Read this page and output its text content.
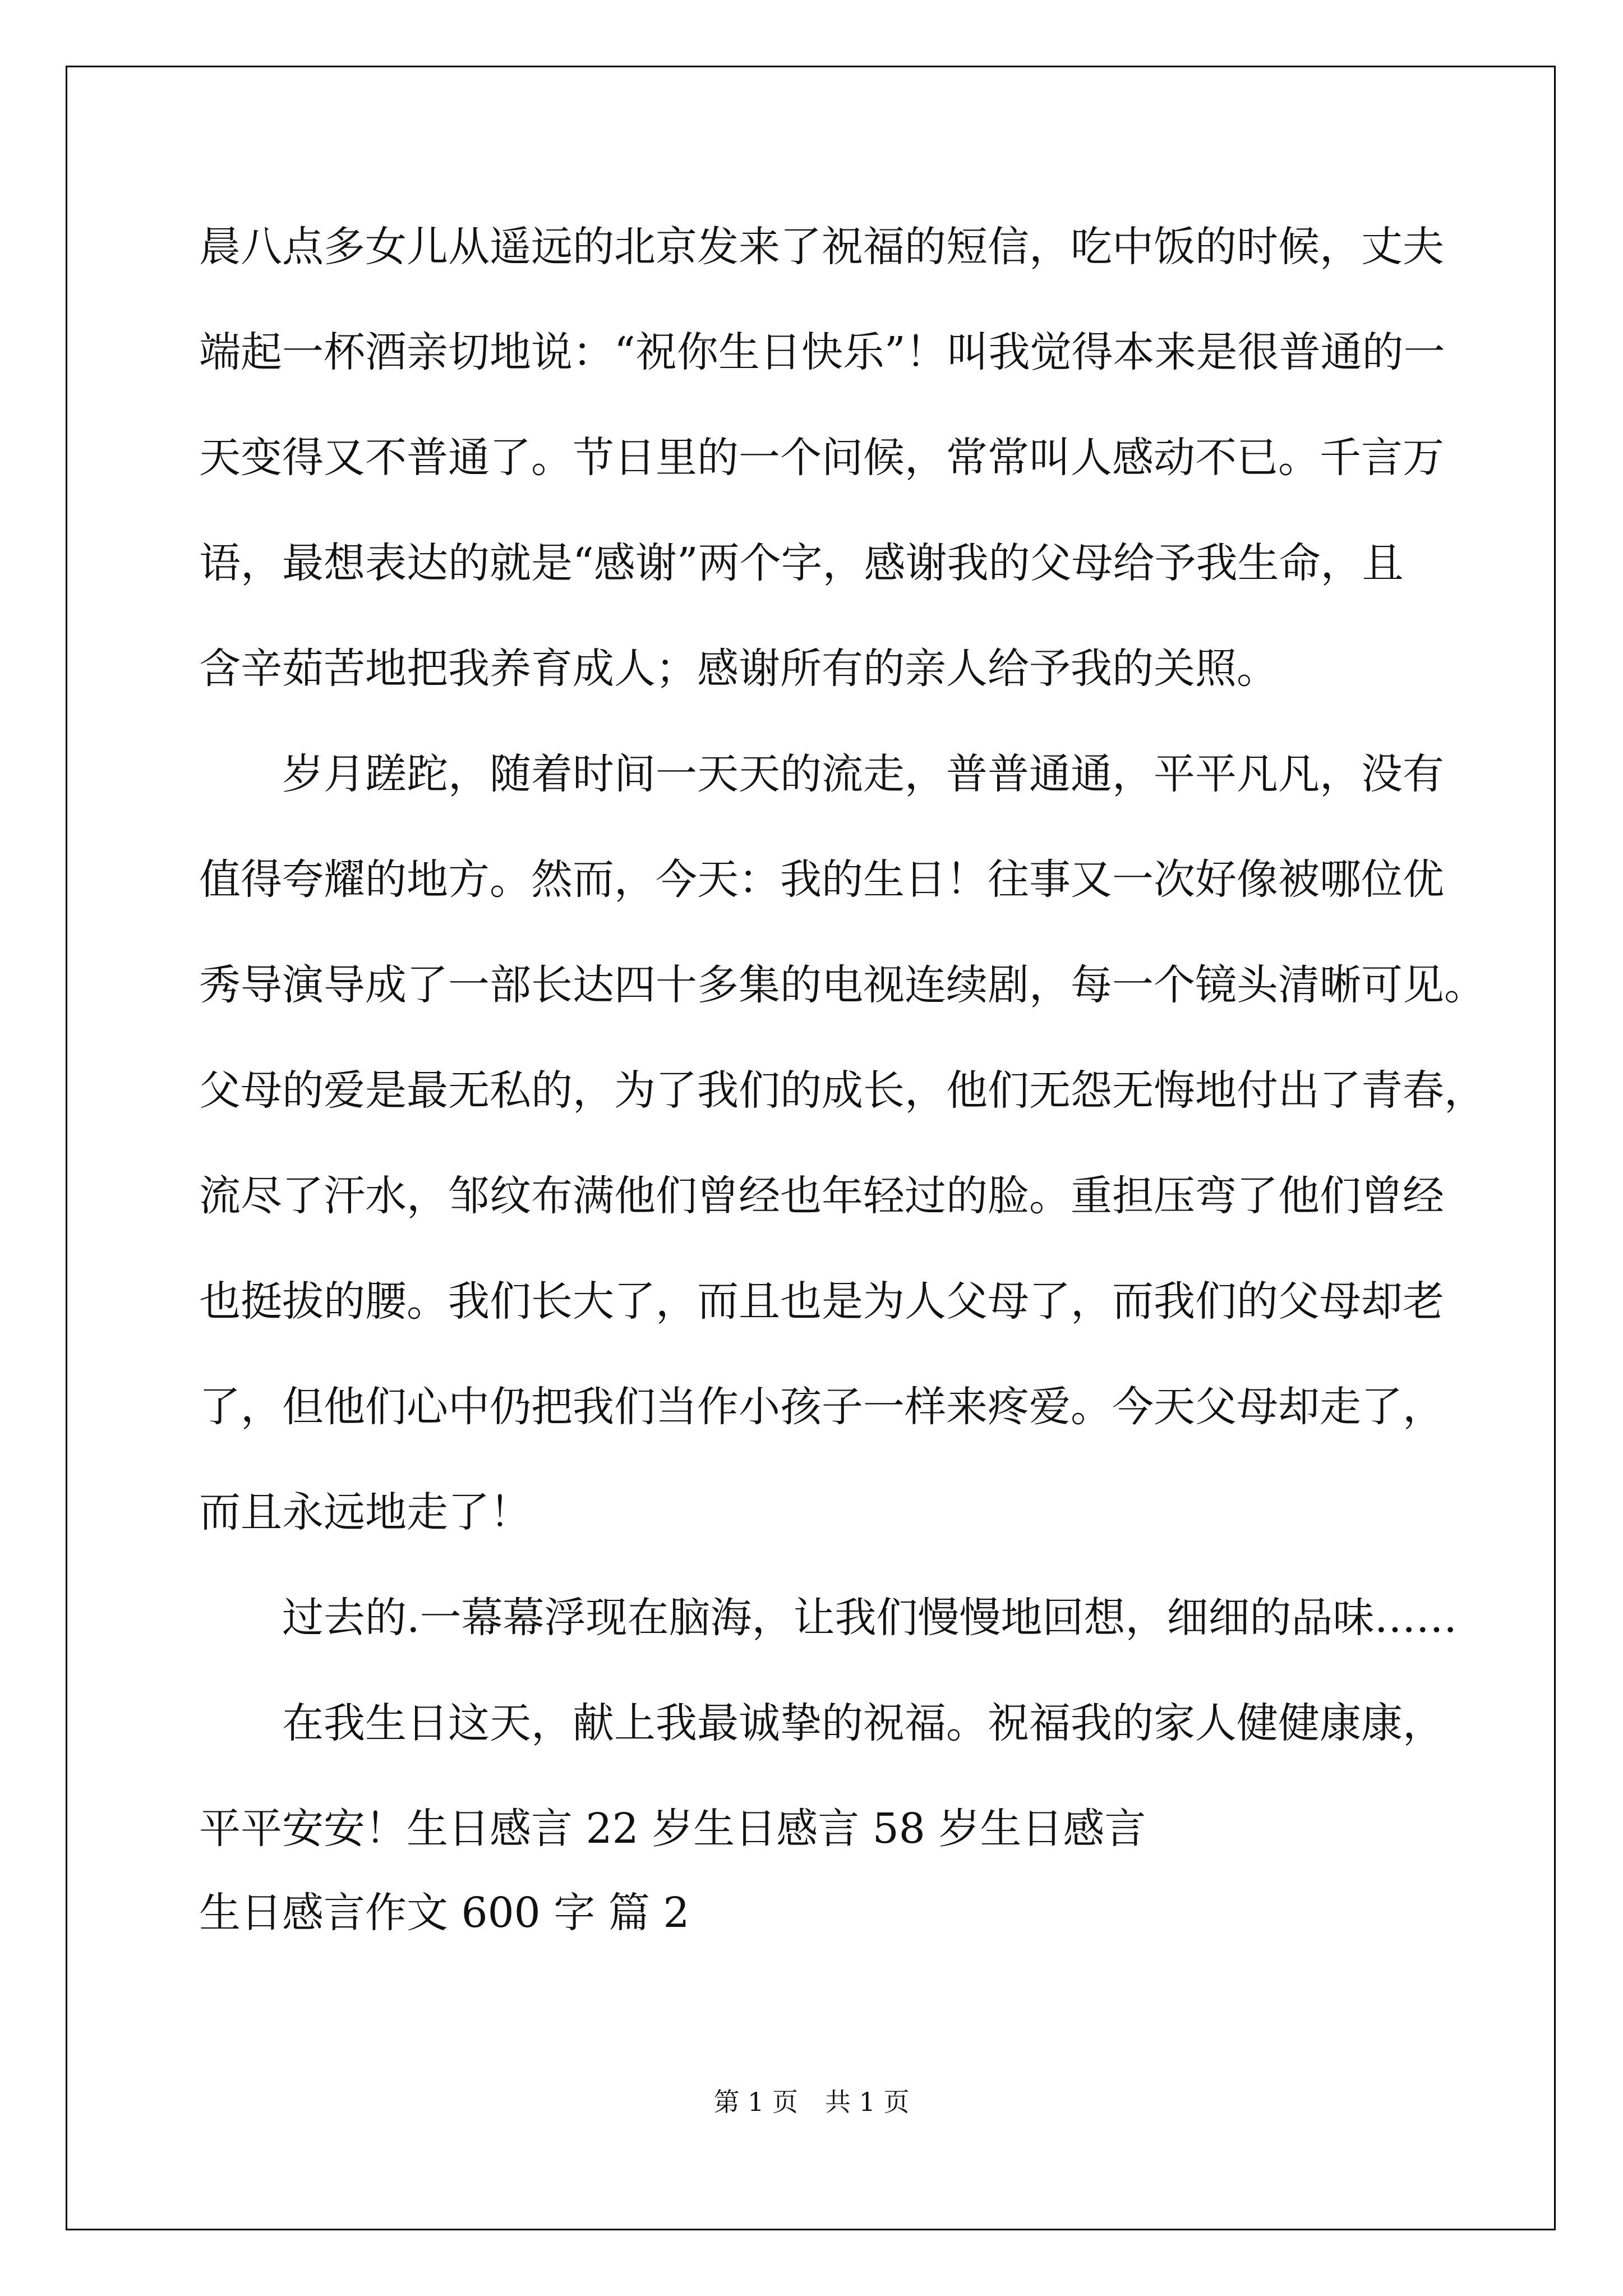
晨八点多女儿从遥远的北京发来了祝福的短信，吃中饭的时候，丈夫
端起一杯酒亲切地说：“祝你生日快乐”！叫我觉得本来是很普通的一
天变得又不普通了。节日里的一个问候，常常叫人感动不已。千言万
语，最想表达的就是“感谢”两个字，感谢我的父母给予我生命，且
含辛茹苦地把我养育成人；感谢所有的亲人给予我的关照。
岁月蹉跎，随着时间一天天的流走，普普通通，平平凡凡，没有
值得夸耀的地方。然而，今天：我的生日！往事又一次好像被哪位优
秀导演导成了一部长达四十多集的电视连续剧，每一个镜头清晰可见。
父母的爱是最无私的，为了我们的成长，他们无怨无悔地付出了青春，
流尽了汗水，邹纹布满他们曾经也年轻过的脸。重担压弯了他们曾经
也挺拔的腰。我们长大了，而且也是为人父母了，而我们的父母却老
了，但他们心中仍把我们当作小孩子一样来疼爱。今天父母却走了，
而且永远地走了！
过去的.一幕幕浮现在脑海，让我们慢慢地回想，细细的品味……
在我生日这天，献上我最诚挚的祝福。祝福我的家人健健康康，
平平安安！生日感言 22 岁生日感言 58 岁生日感言
生日感言作文 600 字 篇 2
第 1 页 共 1 页
